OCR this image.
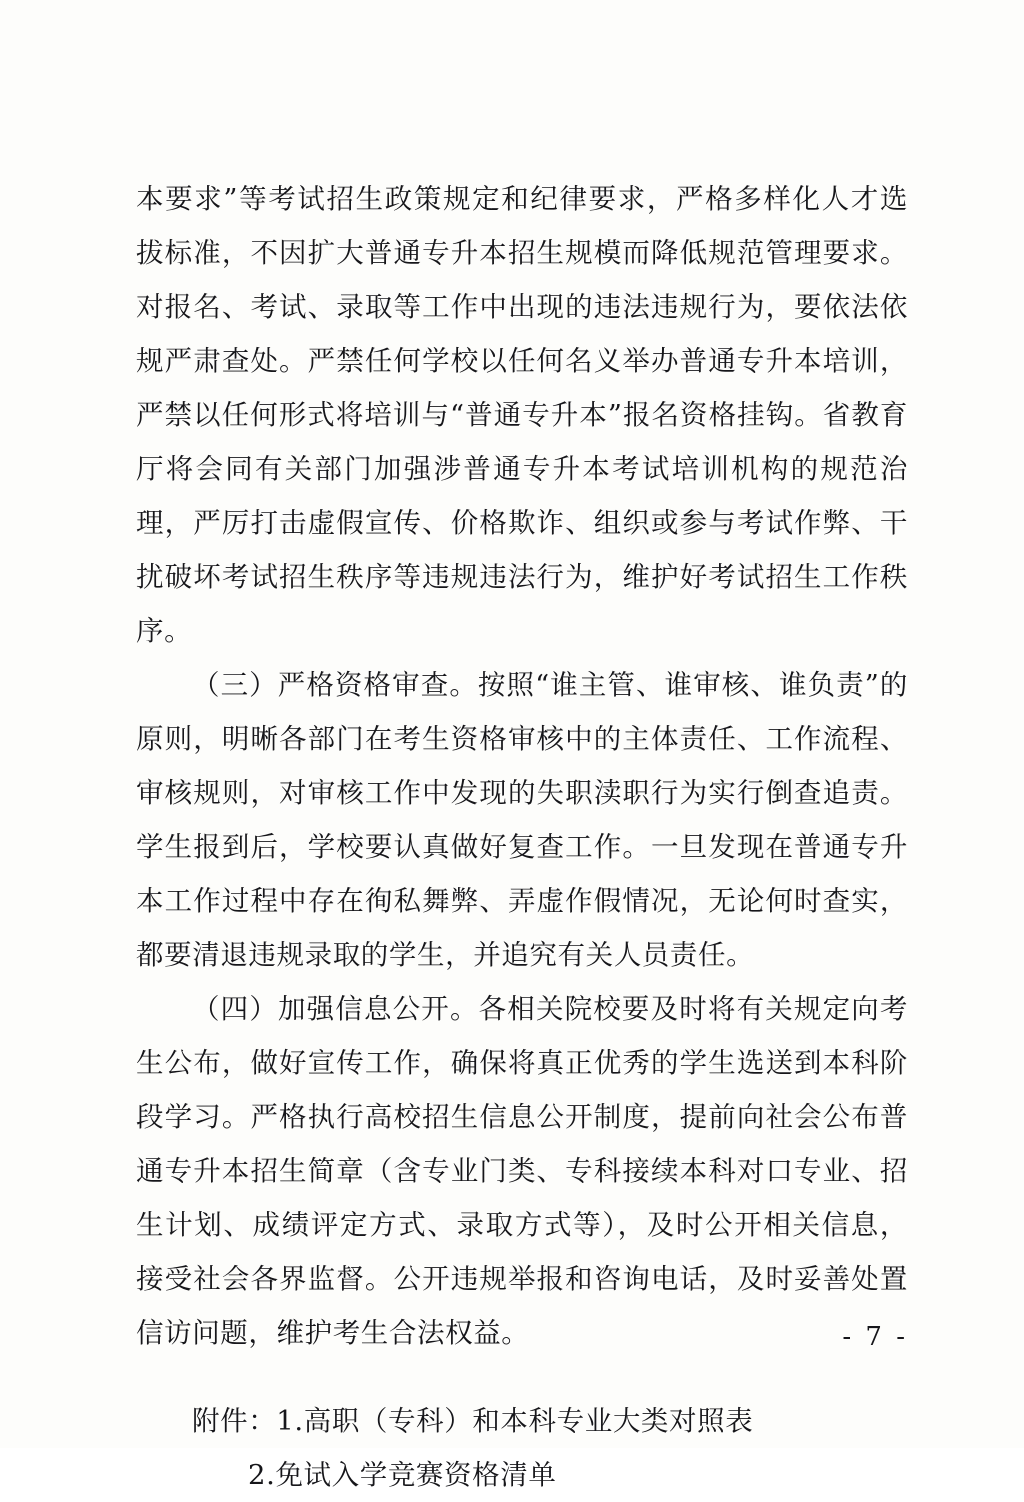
本要求”等考试招生政策规定和纪律要求，严格多样化人才选拔标准，不因扩大普通专升本招生规模而降低规范管理要求。对报名、考试、录取等工作中出现的违法违规行为，要依法依规严肃查处。严禁任何学校以任何名义举办普通专升本培训，严禁以任何形式将培训与“普通专升本”报名资格挂钩。省教育厅将会同有关部门加强涉普通专升本考试培训机构的规范治理，严厉打击虚假宣传、价格欺诈、组织或参与考试作弊、干扰破坏考试招生秩序等违规违法行为，维护好考试招生工作秩序。

（三）严格资格审查。按照“谁主管、谁审核、谁负责”的原则，明晰各部门在考生资格审核中的主体责任、工作流程、审核规则，对审核工作中发现的失职渎职行为实行倒查追责。学生报到后，学校要认真做好复查工作。一旦发现在普通专升本工作过程中存在徇私舞弊、弄虚作假情况，无论何时查实，都要清退违规录取的学生，并追究有关人员责任。

（四）加强信息公开。各相关院校要及时将有关规定向考生公布，做好宣传工作，确保将真正优秀的学生选送到本科阶段学习。严格执行高校招生信息公开制度，提前向社会公布普通专升本招生简章（含专业门类、专科接续本科对口专业、招生计划、成绩评定方式、录取方式等），及时公开相关信息，接受社会各界监督。公开违规举报和咨询电话，及时妥善处置信访问题，维护考生合法权益。

附件：1.高职（专科）和本科专业大类对照表
2.免试入学竞赛资格清单
- 7 -
